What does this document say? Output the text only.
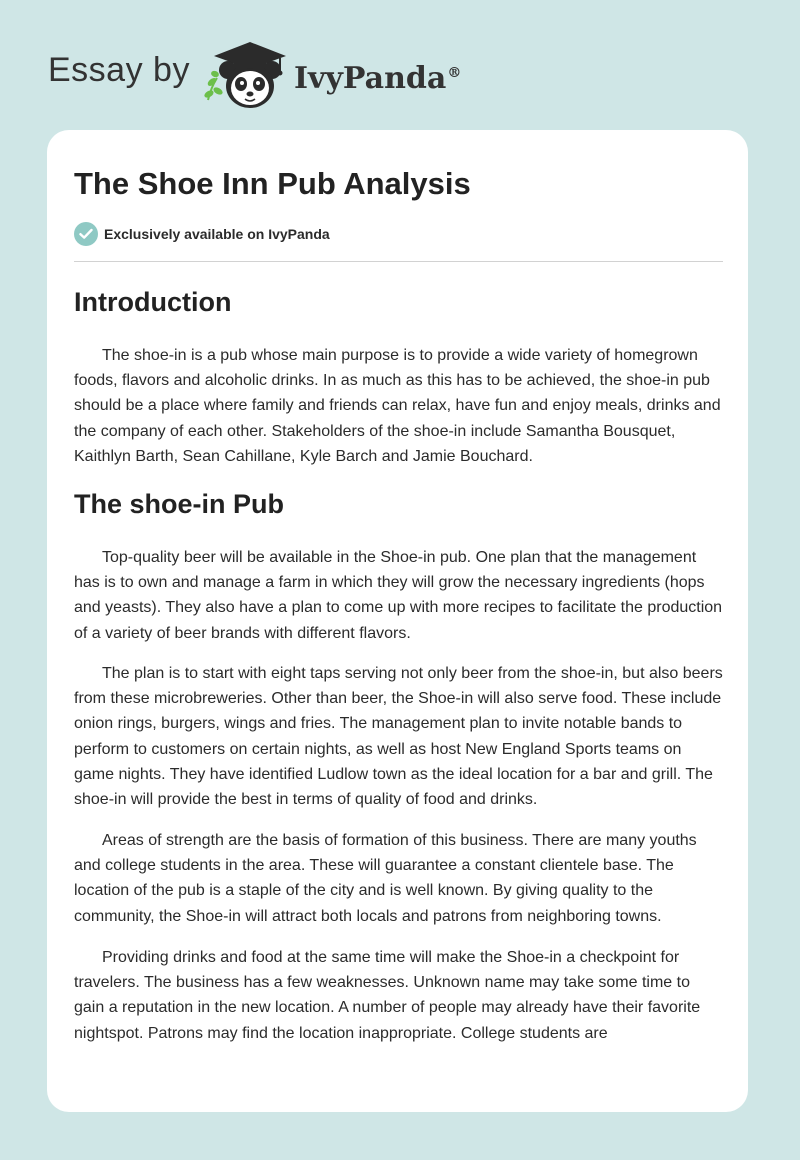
Essay by	IvyPanda®
The Shoe Inn Pub Analysis
Exclusively available on IvyPanda
Introduction

The shoe-in is a pub whose main purpose is to provide a wide variety of homegrown foods, flavors and alcoholic drinks. In as much as this has to be achieved, the shoe-in pub should be a place where family and friends can relax, have fun and enjoy meals, drinks and the company of each other. Stakeholders of the shoe-in include Samantha Bousquet, Kaithlyn Barth, Sean Cahillane, Kyle Barch and Jamie Bouchard.

The shoe-in Pub

Top-quality beer will be available in the Shoe-in pub. One plan that the management has is to own and manage a farm in which they will grow the necessary ingredients (hops and yeasts). They also have a plan to come up with more recipes to facilitate the production of a variety of beer brands with different flavors.

The plan is to start with eight taps serving not only beer from the shoe-in, but also beers from these microbreweries. Other than beer, the Shoe-in will also serve food. These include onion rings, burgers, wings and fries. The management plan to invite notable bands to perform to customers on certain nights, as well as host New England Sports teams on game nights. They have identified Ludlow town as the ideal location for a bar and grill. The shoe-in will provide the best in terms of quality of food and drinks.

Areas of strength are the basis of formation of this business. There are many youths and college students in the area. These will guarantee a constant clientele base. The location of the pub is a staple of the city and is well known. By giving quality to the community, the Shoe-in will attract both locals and patrons from neighboring towns.

Providing drinks and food at the same time will make the Shoe-in a checkpoint for travelers. The business has a few weaknesses. Unknown name may take some time to gain a reputation in the new location. A number of people may already have their favorite nightspot. Patrons may find the location inappropriate. College students are
